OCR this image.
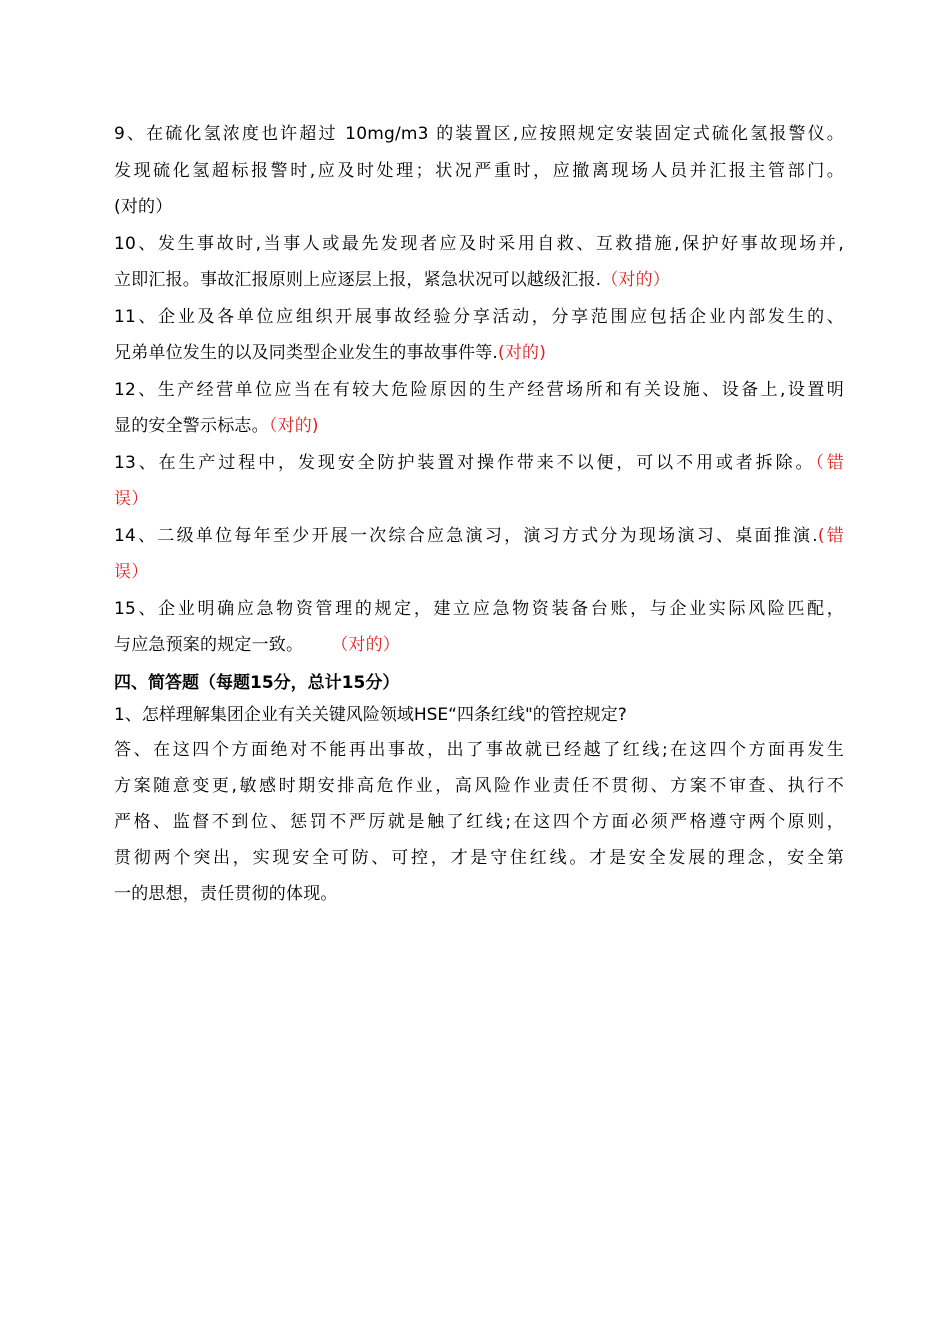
9、在硫化氢浓度也许超过 10mg/m3 的装置区,应按照规定安装固定式硫化氢报警仪。
发现硫化氢超标报警时,应及时处理；状况严重时，应撤离现场人员并汇报主管部门。
(对的）
10、发生事故时,当事人或最先发现者应及时采用自救、互救措施,保护好事故现场并,
立即汇报。事故汇报原则上应逐层上报，紧急状况可以越级汇报.（对的）
11、企业及各单位应组织开展事故经验分享活动，分享范围应包括企业内部发生的、
兄弟单位发生的以及同类型企业发生的事故事件等.(对的)
12、生产经营单位应当在有较大危险原因的生产经营场所和有关设施、设备上,设置明
显的安全警示标志。（对的)
13、在生产过程中，发现安全防护装置对操作带来不以便，可以不用或者拆除。（错
误）
14、二级单位每年至少开展一次综合应急演习，演习方式分为现场演习、桌面推演.(错
误）
15、企业明确应急物资管理的规定，建立应急物资装备台账，与企业实际风险匹配，
与应急预案的规定一致。 （对的）
四、简答题（每题15分，总计15分）
1、怎样理解集团企业有关关键风险领域HSE“四条红线"的管控规定?
答、在这四个方面绝对不能再出事故，出了事故就已经越了红线;在这四个方面再发生
方案随意变更,敏感时期安排高危作业，高风险作业责任不贯彻、方案不审查、执行不
严格、监督不到位、惩罚不严厉就是触了红线;在这四个方面必须严格遵守两个原则，
贯彻两个突出，实现安全可防、可控，才是守住红线。才是安全发展的理念，安全第
一的思想，责任贯彻的体现。
